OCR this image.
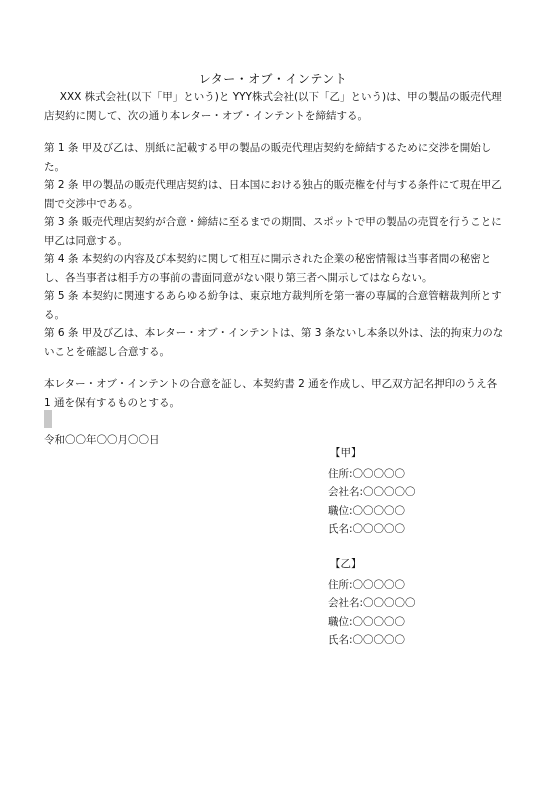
レター・オブ・インテント
XXX 株式会社(以下「甲」という)と YYY株式会社(以下「乙」という)は、甲の製品の販売代理店契約に関して、次の通り本レター・オブ・インテントを締結する。

第 1 条 甲及び乙は、別紙に記載する甲の製品の販売代理店契約を締結するために交渉を開始した。

第 2 条 甲の製品の販売代理店契約は、日本国における独占的販売権を付与する条件にて現在甲乙間で交渉中である。

第 3 条 販売代理店契約が合意・締結に至るまでの期間、スポットで甲の製品の売買を行うことに甲乙は同意する。

第 4 条 本契約の内容及び本契約に関して相互に開示された企業の秘密情報は当事者間の秘密とし、各当事者は相手方の事前の書面同意がない限り第三者へ開示してはならない。

第 5 条 本契約に関連するあらゆる紛争は、東京地方裁判所を第一審の専属的合意管轄裁判所とする。

第 6 条 甲及び乙は、本レター・オブ・インテントは、第 3 条ないし本条以外は、法的拘束力のないことを確認し合意する。

本レター・オブ・インテントの合意を証し、本契約書 2 通を作成し、甲乙双方記名押印のうえ各 1 通を保有するものとする。
令和〇〇年〇〇月〇〇日

【甲】

住所:〇〇〇〇〇

会社名:〇〇〇〇〇

職位:〇〇〇〇〇

氏名:〇〇〇〇〇

【乙】

住所:〇〇〇〇〇

会社名:〇〇〇〇〇

職位:〇〇〇〇〇

氏名:〇〇〇〇〇
